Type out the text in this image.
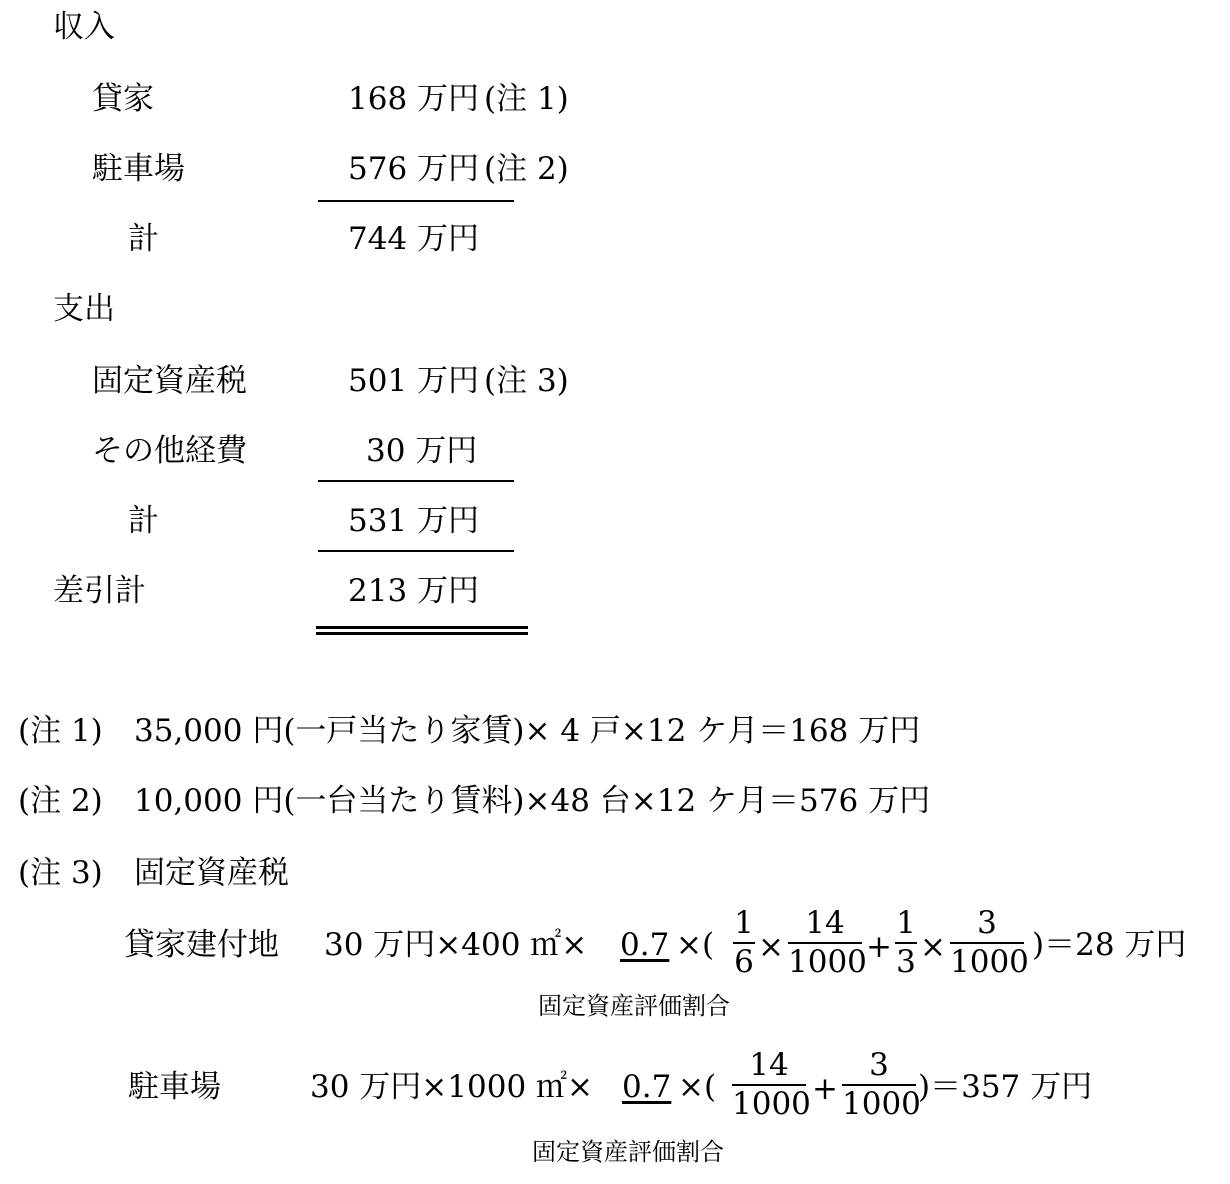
収入
貸家	168 万円 (注 1)
駐車場	576 万円 (注 2)
計	744 万円
支出
固定資産税	501 万円 (注 3)
その他経費	30 万円
計	531 万円
差引計	213 万円
(注 1) 35,000 円(一戸当たり家賃)× 4 戸×12 ケ月＝168 万円
(注 2) 10,000 円(一台当たり賃料)×48 台×12 ケ月＝576 万円
(注 3) 固定資産税
貸家建付地 30 万円×400 ㎡× 0.7 ×(
1
6 ×
14
1000 +
1
3 ×
3
1000 )＝28 万円
固定資産評価割合
駐車場	30 万円×1000 ㎡× 0.7 ×(
14
1000 +
3
1000
)＝357 万円
固定資産評価割合
